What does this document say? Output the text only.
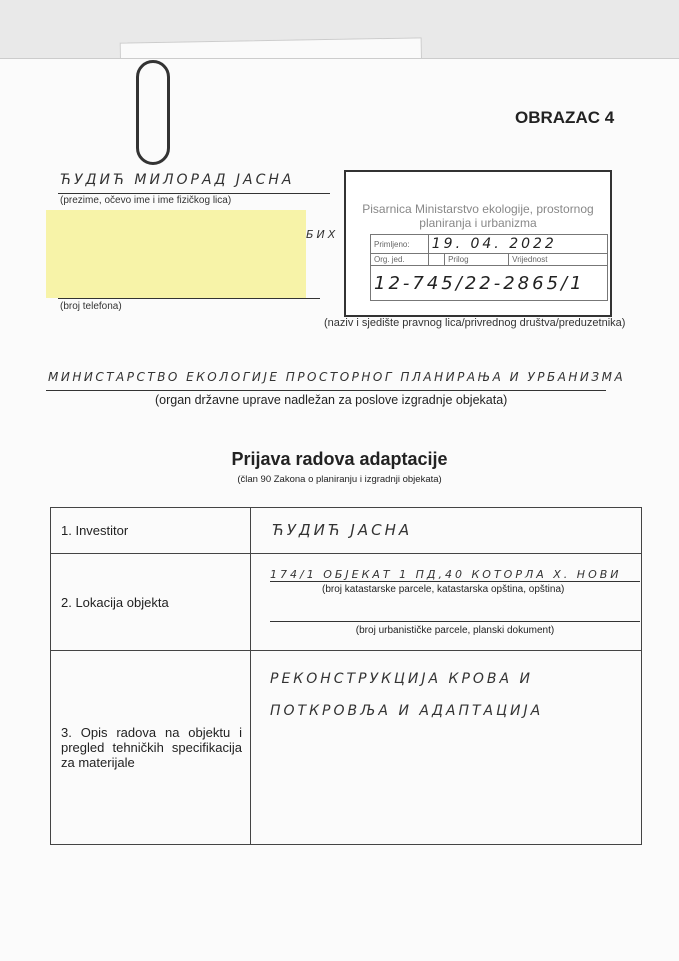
OBRAZAC 4
ЋУДИЋ МИЛОРАД ЈАСНА
(prezime, očevo ime i ime fizičkog lica)
БИХ
(broj telefona)
Pisarnica Ministarstvo ekologije, prostornog planiranja i urbanizma
Primljeno:	19. 04. 2022		
Org. jed.		Prilog	Vrijednost
12-745/22-2865/1			
(naziv i sjedište pravnog lica/privrednog društva/preduzetnika)
МИНИСТАРСТВО ЕКОЛОГИЈЕ ПРОСТОРНОГ ПЛАНИРАЊА И УРБАНИЗМА
(organ državne uprave nadležan za poslove izgradnje objekata)
Prijava radova adaptacije
(član 90 Zakona o planiranju i izgradnji objekata)
1. Investitor	ЋУДИЋ ЈАСНА
2. Lokacija objekta	174/1 ОБЈЕКАТ 1 ПД,40 КОТОРЛА Х. НОВИ
(broj katastarske parcele, katastarska opština, opština)
(broj urbanističke parcele, planski dokument)

3. Opis radova na objektu i pregled tehničkih specifikacija za materijale	РЕКОНСТРУКЦИЈА КРОВА И
ПОТКРОВЉА И АДАПТАЦИЈА
